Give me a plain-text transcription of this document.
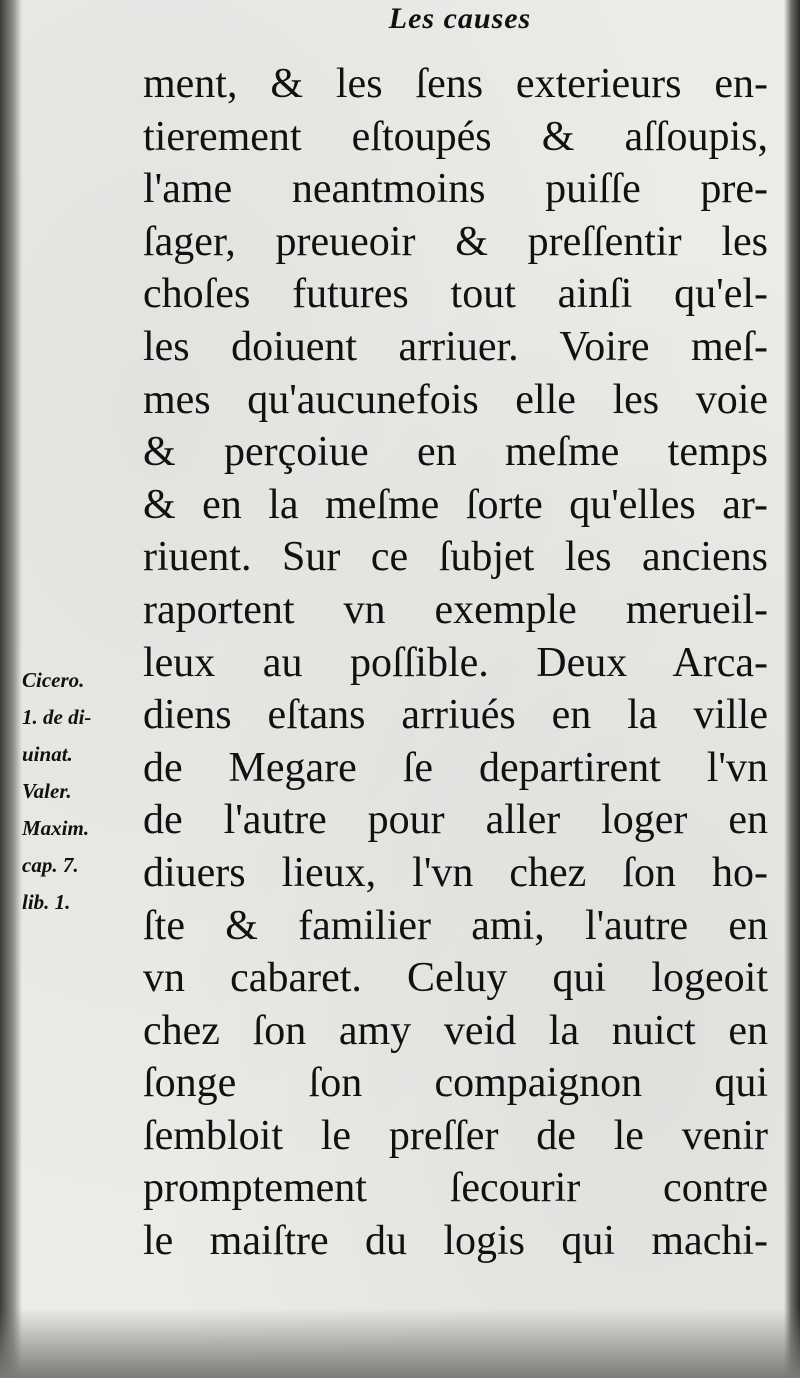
Les causes
ment, & les ſens exterieurs en-
tierement eſtoupés & aſſoupis,
l'ame neantmoins puiſſe pre-
ſager, preueoir & preſſentir les
choſes futures tout ainſi qu'el-
les doiuent arriuer. Voire meſ-
mes qu'aucunefois elle les voie
& perçoiue en meſme temps
& en la meſme ſorte qu'elles ar-
riuent. Sur ce ſubjet les anciens
raportent vn exemple merueil-
leux au poſſible. Deux Arca-
diens eſtans arriués en la ville
de Megare ſe departirent l'vn
de l'autre pour aller loger en
diuers lieux, l'vn chez ſon ho-
ſte & familier ami, l'autre en
vn cabaret. Celuy qui logeoit
chez ſon amy veid la nuict en
ſonge ſon compaignon qui
ſembloit le preſſer de le venir
promptement ſecourir contre
le maiſtre du logis qui machi-
Cicero.
1. de di-
uinat.
Valer.
Maxim.
cap. 7.
lib. 1.
